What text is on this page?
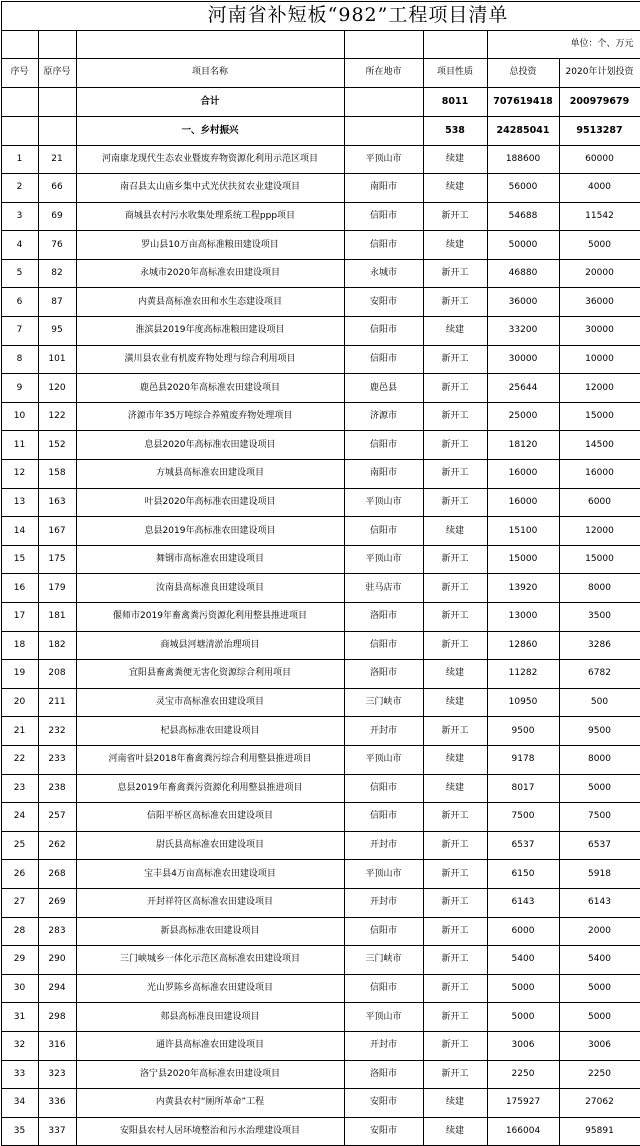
		河南省补短板“982”工程项目清单				
					单位：个、万元	
序号	原序号	项目名称	所在地市	项目性质	总投资	2020年计划投资
		合计		8011	707619418	200979679
		一、乡村振兴		538	24285041	9513287
1	21	河南康龙现代生态农业暨废弃物资源化利用示范区项目	平顶山市	续建	188600	60000
2	66	南召县太山庙乡集中式光伏扶贫农业建设项目	南阳市	续建	56000	4000
3	69	商城县农村污水收集处理系统工程ppp项目	信阳市	新开工	54688	11542
4	76	罗山县10万亩高标准粮田建设项目	信阳市	续建	50000	5000
5	82	永城市2020年高标准农田建设项目	永城市	新开工	46880	20000
6	87	内黄县高标准农田和水生态建设项目	安阳市	新开工	36000	36000
7	95	淮滨县2019年度高标准粮田建设项目	信阳市	续建	33200	30000
8	101	潢川县农业有机废弃物处理与综合利用项目	信阳市	新开工	30000	10000
9	120	鹿邑县2020年高标准农田建设项目	鹿邑县	新开工	25644	12000
10	122	济源市年35万吨综合养殖废弃物处理项目	济源市	新开工	25000	15000
11	152	息县2020年高标准农田建设项目	信阳市	新开工	18120	14500
12	158	方城县高标准农田建设项目	南阳市	新开工	16000	16000
13	163	叶县2020年高标准农田建设项目	平顶山市	新开工	16000	6000
14	167	息县2019年高标准农田建设项目	信阳市	续建	15100	12000
15	175	舞钢市高标准农田建设项目	平顶山市	新开工	15000	15000
16	179	汝南县高标准良田建设项目	驻马店市	新开工	13920	8000
17	181	偃师市2019年畜禽粪污资源化利用整县推进项目	洛阳市	新开工	13000	3500
18	182	商城县河塘清淤治理项目	信阳市	新开工	12860	3286
19	208	宜阳县畜禽粪便无害化资源综合利用项目	洛阳市	续建	11282	6782
20	211	灵宝市高标准农田建设项目	三门峡市	续建	10950	500
21	232	杞县高标准农田建设项目	开封市	新开工	9500	9500
22	233	河南省叶县2018年畜禽粪污综合利用整县推进项目	平顶山市	续建	9178	8000
23	238	息县2019年畜禽粪污资源化利用整县推进项目	信阳市	续建	8017	5000
24	257	信阳平桥区高标准农田建设项目	信阳市	新开工	7500	7500
25	262	尉氏县高标准农田建设项目	开封市	新开工	6537	6537
26	268	宝丰县4万亩高标准农田建设项目	平顶山市	新开工	6150	5918
27	269	开封祥符区高标准农田建设项目	开封市	新开工	6143	6143
28	283	新县高标准农田建设项目	信阳市	新开工	6000	2000
29	290	三门峡城乡一体化示范区高标准农田建设项目	三门峡市	新开工	5400	5400
30	294	光山罗陈乡高标准农田建设项目	信阳市	新开工	5000	5000
31	298	郏县高标准良田建设项目	平顶山市	新开工	5000	5000
32	316	通许县高标准农田建设项目	开封市	新开工	3006	3006
33	323	洛宁县2020年高标准农田建设项目	洛阳市	新开工	2250	2250
34	336	内黄县农村“厕所革命”工程	安阳市	续建	175927	27062
35	337	安阳县农村人居环境整治和污水治理建设项目	安阳市	续建	166004	95891
